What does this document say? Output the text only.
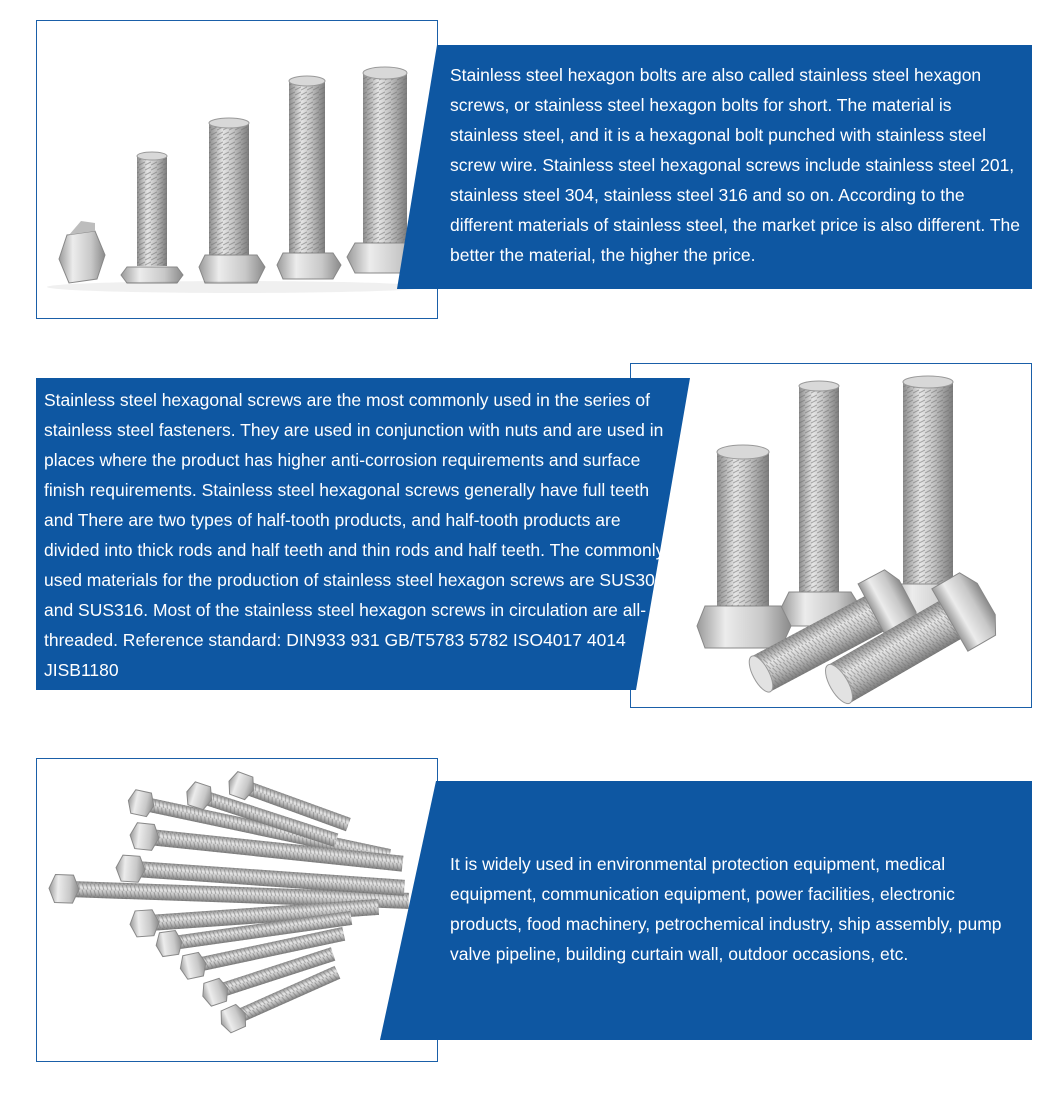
Stainless steel hexagon bolts are also called stainless steel hexagon screws, or stainless steel hexagon bolts for short. The material is stainless steel, and it is a hexagonal bolt punched with stainless steel screw wire. Stainless steel hexagonal screws include stainless steel 201, stainless steel 304, stainless steel 316 and so on. According to the different materials of stainless steel, the market price is also different. The better the material, the higher the price.

Stainless steel hexagonal screws are the most commonly used in the series of stainless steel fasteners. They are used in conjunction with nuts and are used in places where the product has higher anti-corrosion requirements and surface finish requirements. Stainless steel hexagonal screws generally have full teeth and There are two types of half-tooth products, and half-tooth products are divided into thick rods and half teeth and thin rods and half teeth. The commonly used materials for the production of stainless steel hexagon screws are SUS304 and SUS316. Most of the stainless steel hexagon screws in circulation are all-threaded. Reference standard: DIN933 931 GB/T5783 5782 ISO4017 4014 JISB1180

It is widely used in environmental protection equipment, medical equipment, communication equipment, power facilities, electronic products, food machinery, petrochemical industry, ship assembly, pump valve pipeline, building curtain wall, outdoor occasions, etc.
